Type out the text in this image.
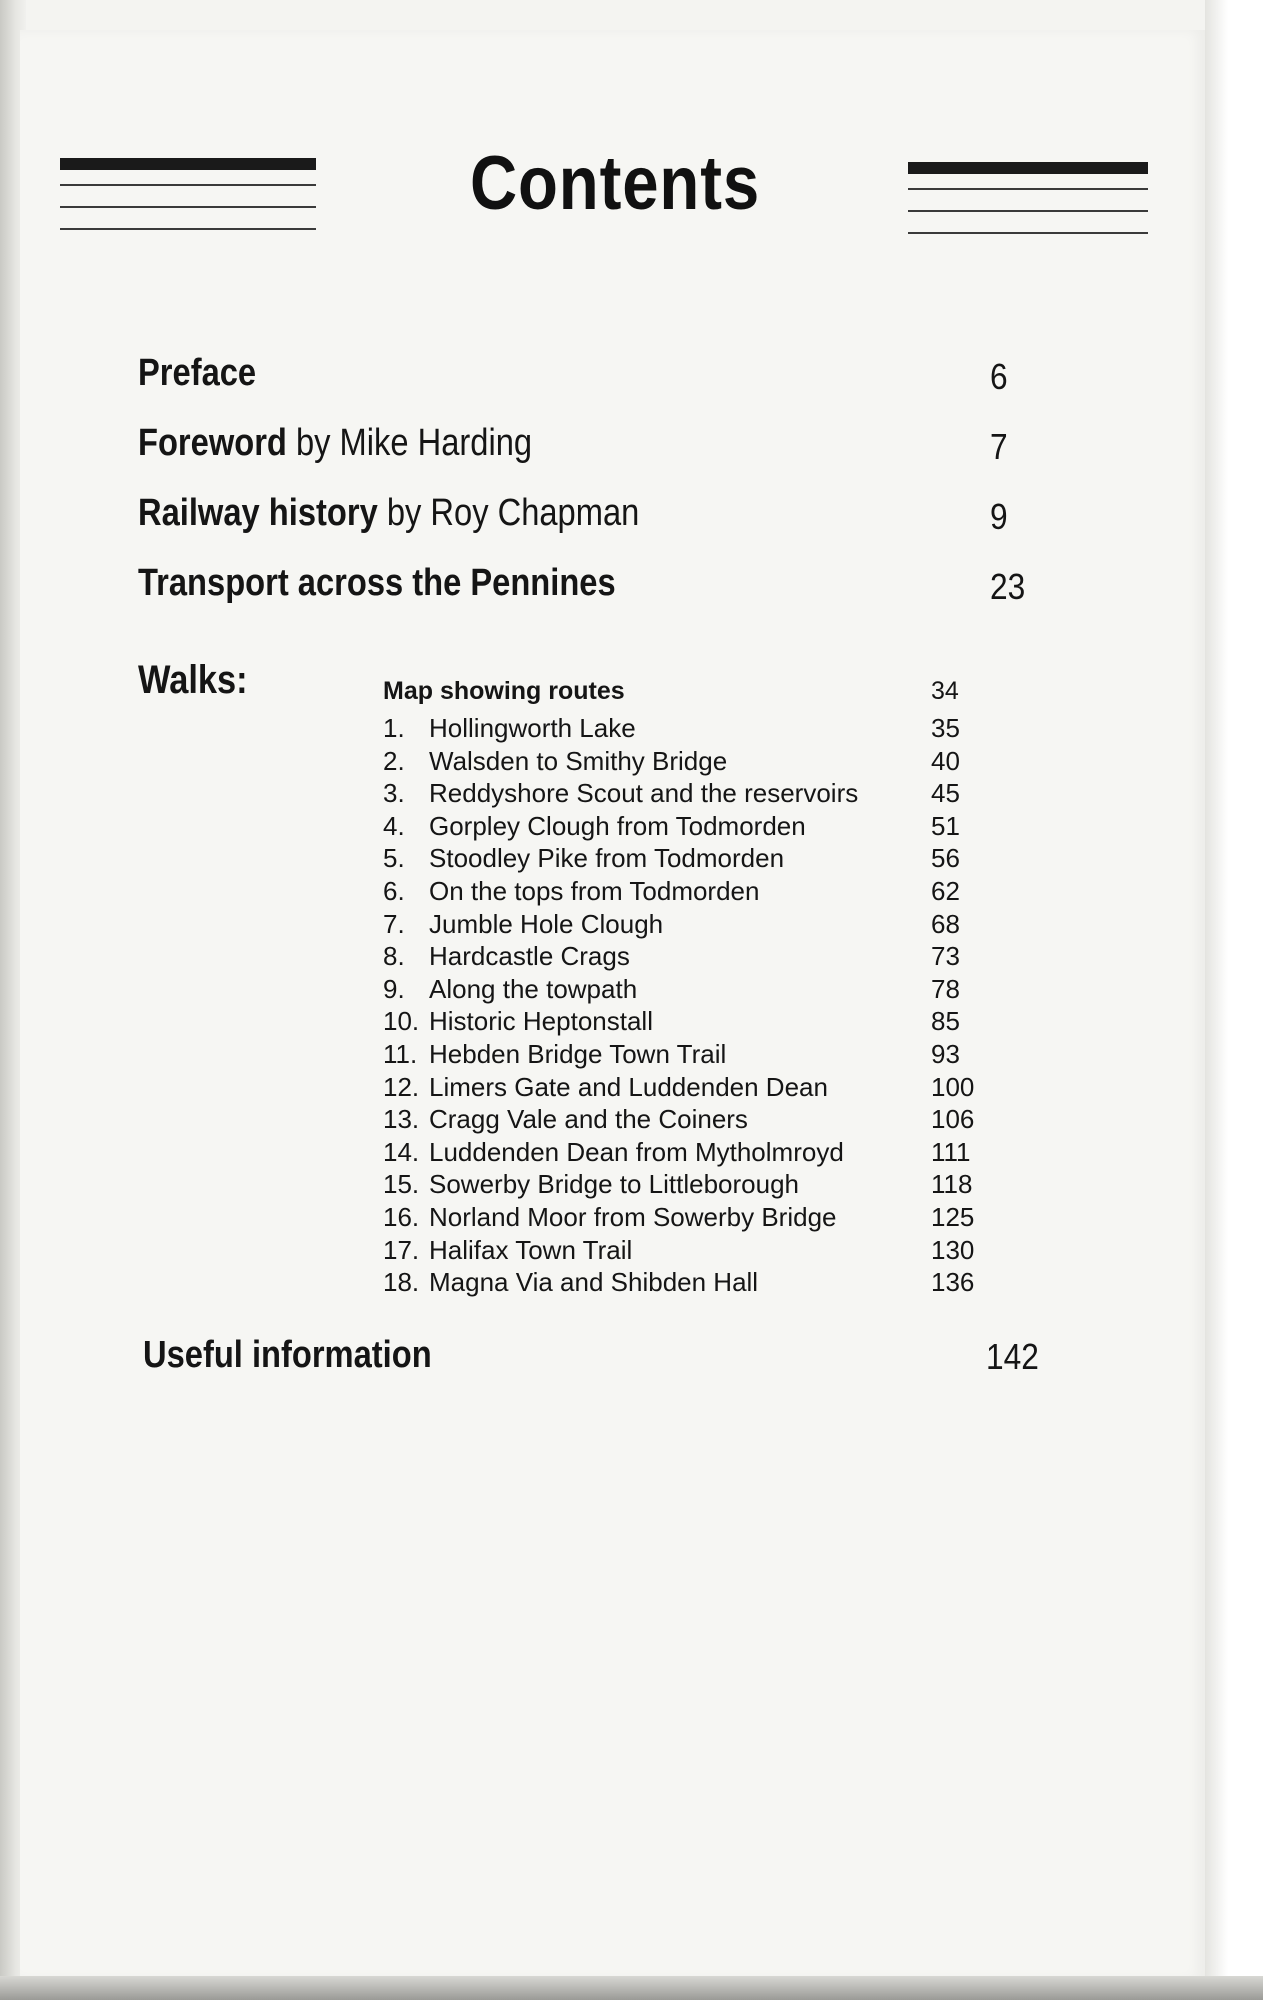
Contents
Preface	6
Foreword by Mike Harding	7
Railway history by Roy Chapman	9
Transport across the Pennines	23
Walks:	Map showing routes	34
1. Hollingworth Lake	35
2. Walsden to Smithy Bridge	40
3. Reddyshore Scout and the reservoirs	45
4. Gorpley Clough from Todmorden	51
5. Stoodley Pike from Todmorden	56
6. On the tops from Todmorden	62
7. Jumble Hole Clough	68
8. Hardcastle Crags	73
9. Along the towpath	78
10. Historic Heptonstall	85
11. Hebden Bridge Town Trail	93
12. Limers Gate and Luddenden Dean	100
13. Cragg Vale and the Coiners	106
14. Luddenden Dean from Mytholmroyd	111
15. Sowerby Bridge to Littleborough	118
16. Norland Moor from Sowerby Bridge	125
17. Halifax Town Trail	130
18. Magna Via and Shibden Hall	136
Useful information	142
